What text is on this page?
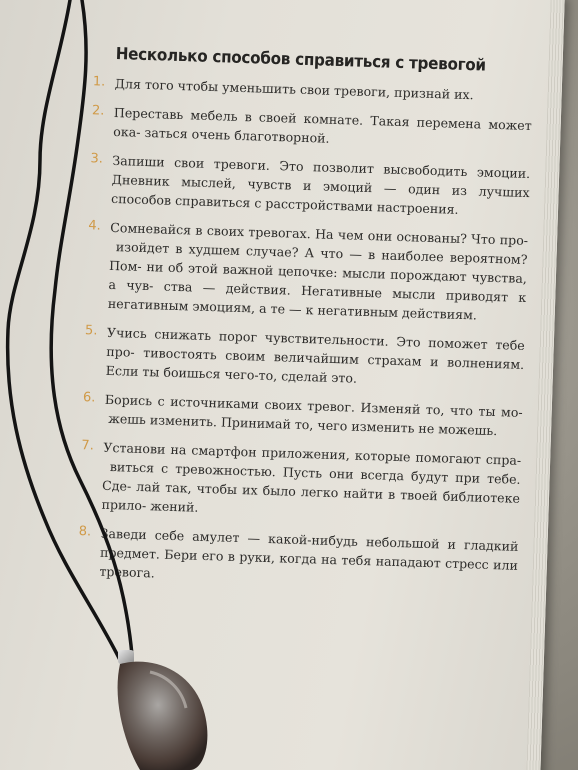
Несколько способов справиться с тревогой
1. Для того чтобы уменьшить свои тревоги, признай их.
2. Переставь мебель в своей комнате. Такая перемена может ока- заться очень благотворной.
3. Запиши свои тревоги. Это позволит высвободить эмоции. Дневник мыслей, чувств и эмоций — один из лучших способов справиться с расстройствами настроения.
4. Сомневайся в своих тревогах. На чем они основаны? Что про- изойдет в худшем случае? А что — в наиболее вероятном? Пом- ни об этой важной цепочке: мысли порождают чувства, а чув- ства — действия. Негативные мысли приводят к негативным эмоциям, а те — к негативным действиям.
5. Учись снижать порог чувствительности. Это поможет тебе про- тивостоять своим величайшим страхам и волнениям. Если ты боишься чего-то, сделай это.
6. Борись с источниками своих тревог. Изменяй то, что ты мо- жешь изменить. Принимай то, чего изменить не можешь.
7. Установи на смартфон приложения, которые помогают спра- виться с тревожностью. Пусть они всегда будут при тебе. Сде- лай так, чтобы их было легко найти в твоей библиотеке прило- жений.
8. Заведи себе амулет — какой-нибудь небольшой и гладкий предмет. Бери его в руки, когда на тебя нападают стресс или тревога.
